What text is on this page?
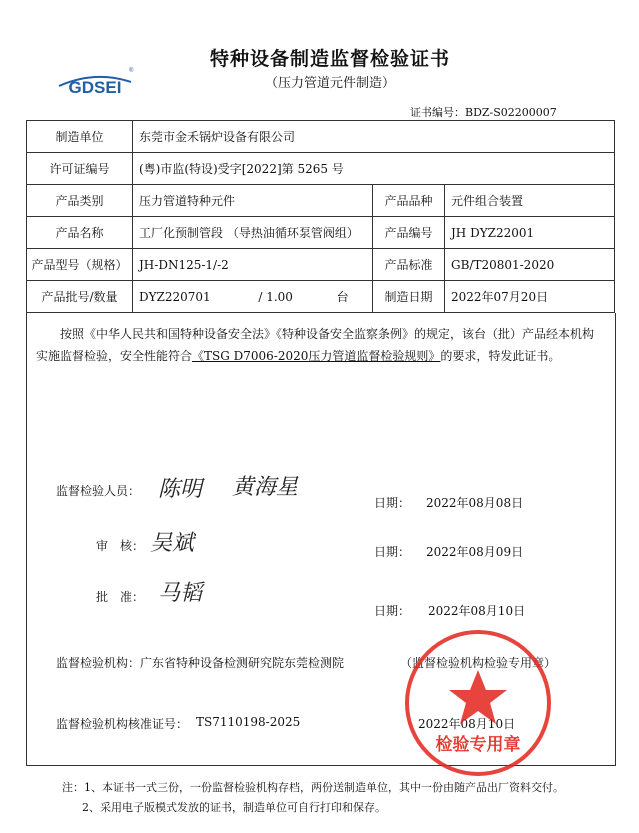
GDSEI
®
特种设备制造监督检验证书
（压力管道元件制造）
证书编号：BDZ-S02200007
制造单位	东莞市金禾锅炉设备有限公司		
许可证编号	(粤)市监(特设)受字[2022]第 5265 号		
产品类别	压力管道特种元件	产品品种	元件组合装置
产品名称	工厂化预制管段 （导热油循环泵管阀组）	产品编号	JH DYZ22001
产品型号（规格）	JH-DN125-1/-2	产品标准	GB/T20801-2020
产品批号/数量	DYZ220701 / 1.00 台	制造日期	2022年07月20日
按照《中华人民共和国特种设备安全法》《特种设备安全监察条例》的规定，该台（批）产品经本机构实施监督检验，安全性能符合《TSG D7006-2020压力管道监督检验规则》的要求，特发此证书。
监督检验人员： 陈明 黄海星
日期： 2022年08月08日
审　核： 吴斌	日期： 2022年08月09日
批　准： 马韬
日期： 2022年08月10日
监督检验机构：广东省特种设备检测研究院东莞检测院	（监督检验机构检验专用章）
监督检验机构核准证号： TS7110198-2025	2022年08月10日
检验专用章
注：1、本证书一式三份，一份监督检验机构存档，两份送制造单位，其中一份由随产品出厂资料交付。
2、采用电子版模式发放的证书，制造单位可自行打印和保存。
